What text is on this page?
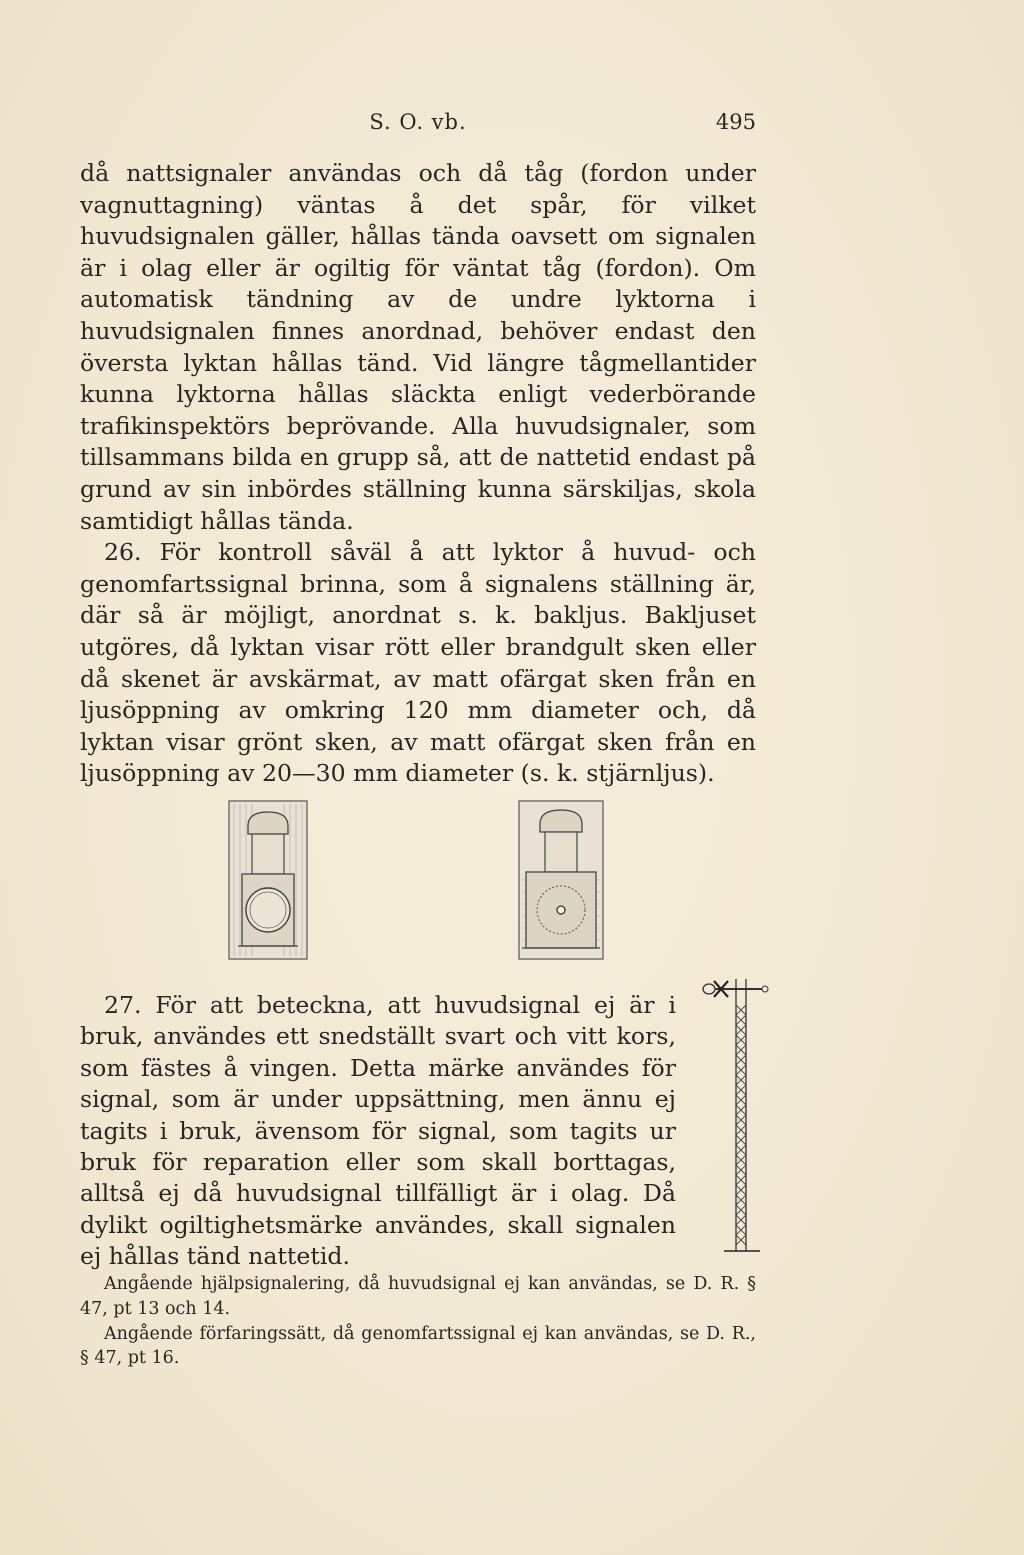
S. O. vb.	495

då nattsignaler användas och då tåg (fordon under vagnuttagning) väntas å det spår, för vilket huvudsignalen gäller, hållas tända oavsett om signalen är i olag eller är ogiltig för väntat tåg (fordon). Om automatisk tändning av de undre lyktorna i huvudsignalen finnes anordnad, behöver endast den översta lyktan hållas tänd. Vid längre tågmellantider kunna lyktorna hållas släckta enligt vederbörande trafikinspektörs beprövande. Alla huvudsignaler, som tillsammans bilda en grupp så, att de nattetid endast på grund av sin inbördes ställning kunna särskiljas, skola samtidigt hållas tända.

26. För kontroll såväl å att lyktor å huvud- och genomfartssignal brinna, som å signalens ställning är, där så är möjligt, anordnat s. k. bakljus. Bakljuset utgöres, då lyktan visar rött eller brandgult sken eller då skenet är avskärmat, av matt ofärgat sken från en ljusöppning av omkring 120 mm diameter och, då lyktan visar grönt sken, av matt ofärgat sken från en ljusöppning av 20—30 mm diameter (s. k. stjärnljus).

27. För att beteckna, att huvudsignal ej är i bruk, användes ett snedställt svart och vitt kors, som fästes å vingen. Detta märke användes för signal, som är under uppsättning, men ännu ej tagits i bruk, ävensom för signal, som tagits ur bruk för reparation eller som skall borttagas, alltså ej då huvudsignal tillfälligt är i olag. Då dylikt ogiltighetsmärke användes, skall signalen ej hållas tänd nattetid.

Angående hjälpsignalering, då huvudsignal ej kan användas, se D. R. § 47, pt 13 och 14.

Angående förfaringssätt, då genomfartssignal ej kan användas, se D. R., § 47, pt 16.
